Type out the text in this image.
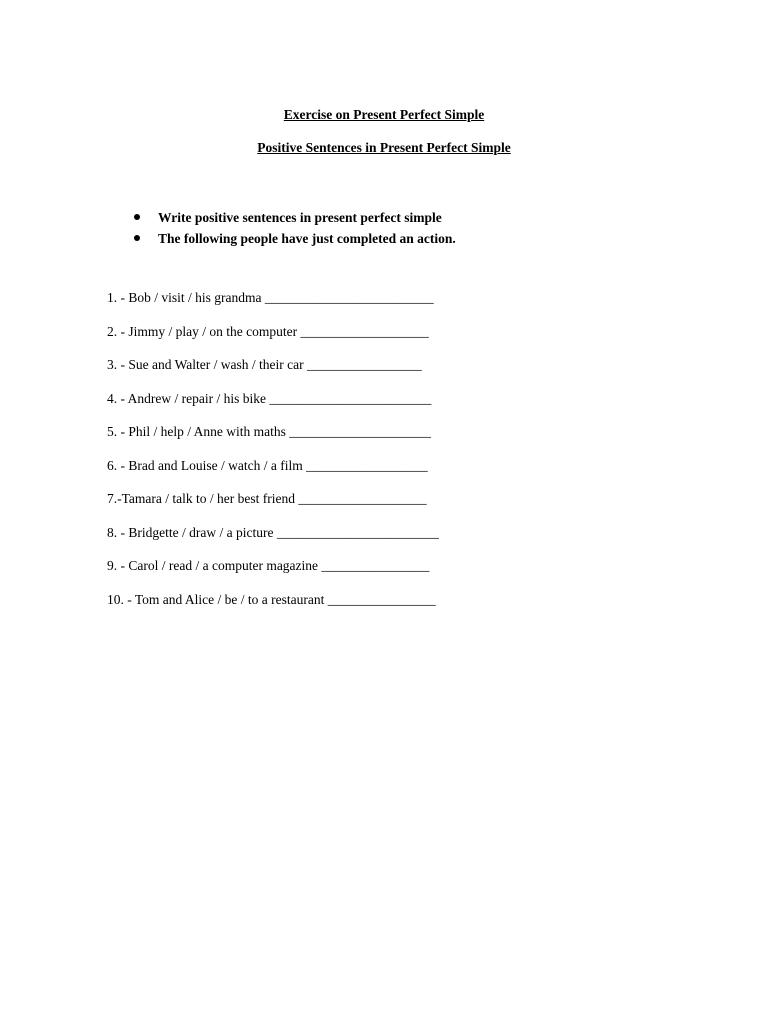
Exercise on Present Perfect Simple
Positive Sentences in Present Perfect Simple
Write positive sentences in present perfect simple
The following people have just completed an action.
1. - Bob / visit / his grandma _________________________
2. - Jimmy / play / on the computer ___________________
3. - Sue and Walter / wash / their car _________________
4. - Andrew / repair / his bike ________________________
5. - Phil / help / Anne with maths _____________________
6. - Brad and Louise / watch / a film __________________
7.-Tamara / talk to / her best friend ___________________
8. - Bridgette / draw / a picture ________________________
9. - Carol / read / a computer magazine ________________
10. - Tom and Alice / be / to a restaurant ________________
